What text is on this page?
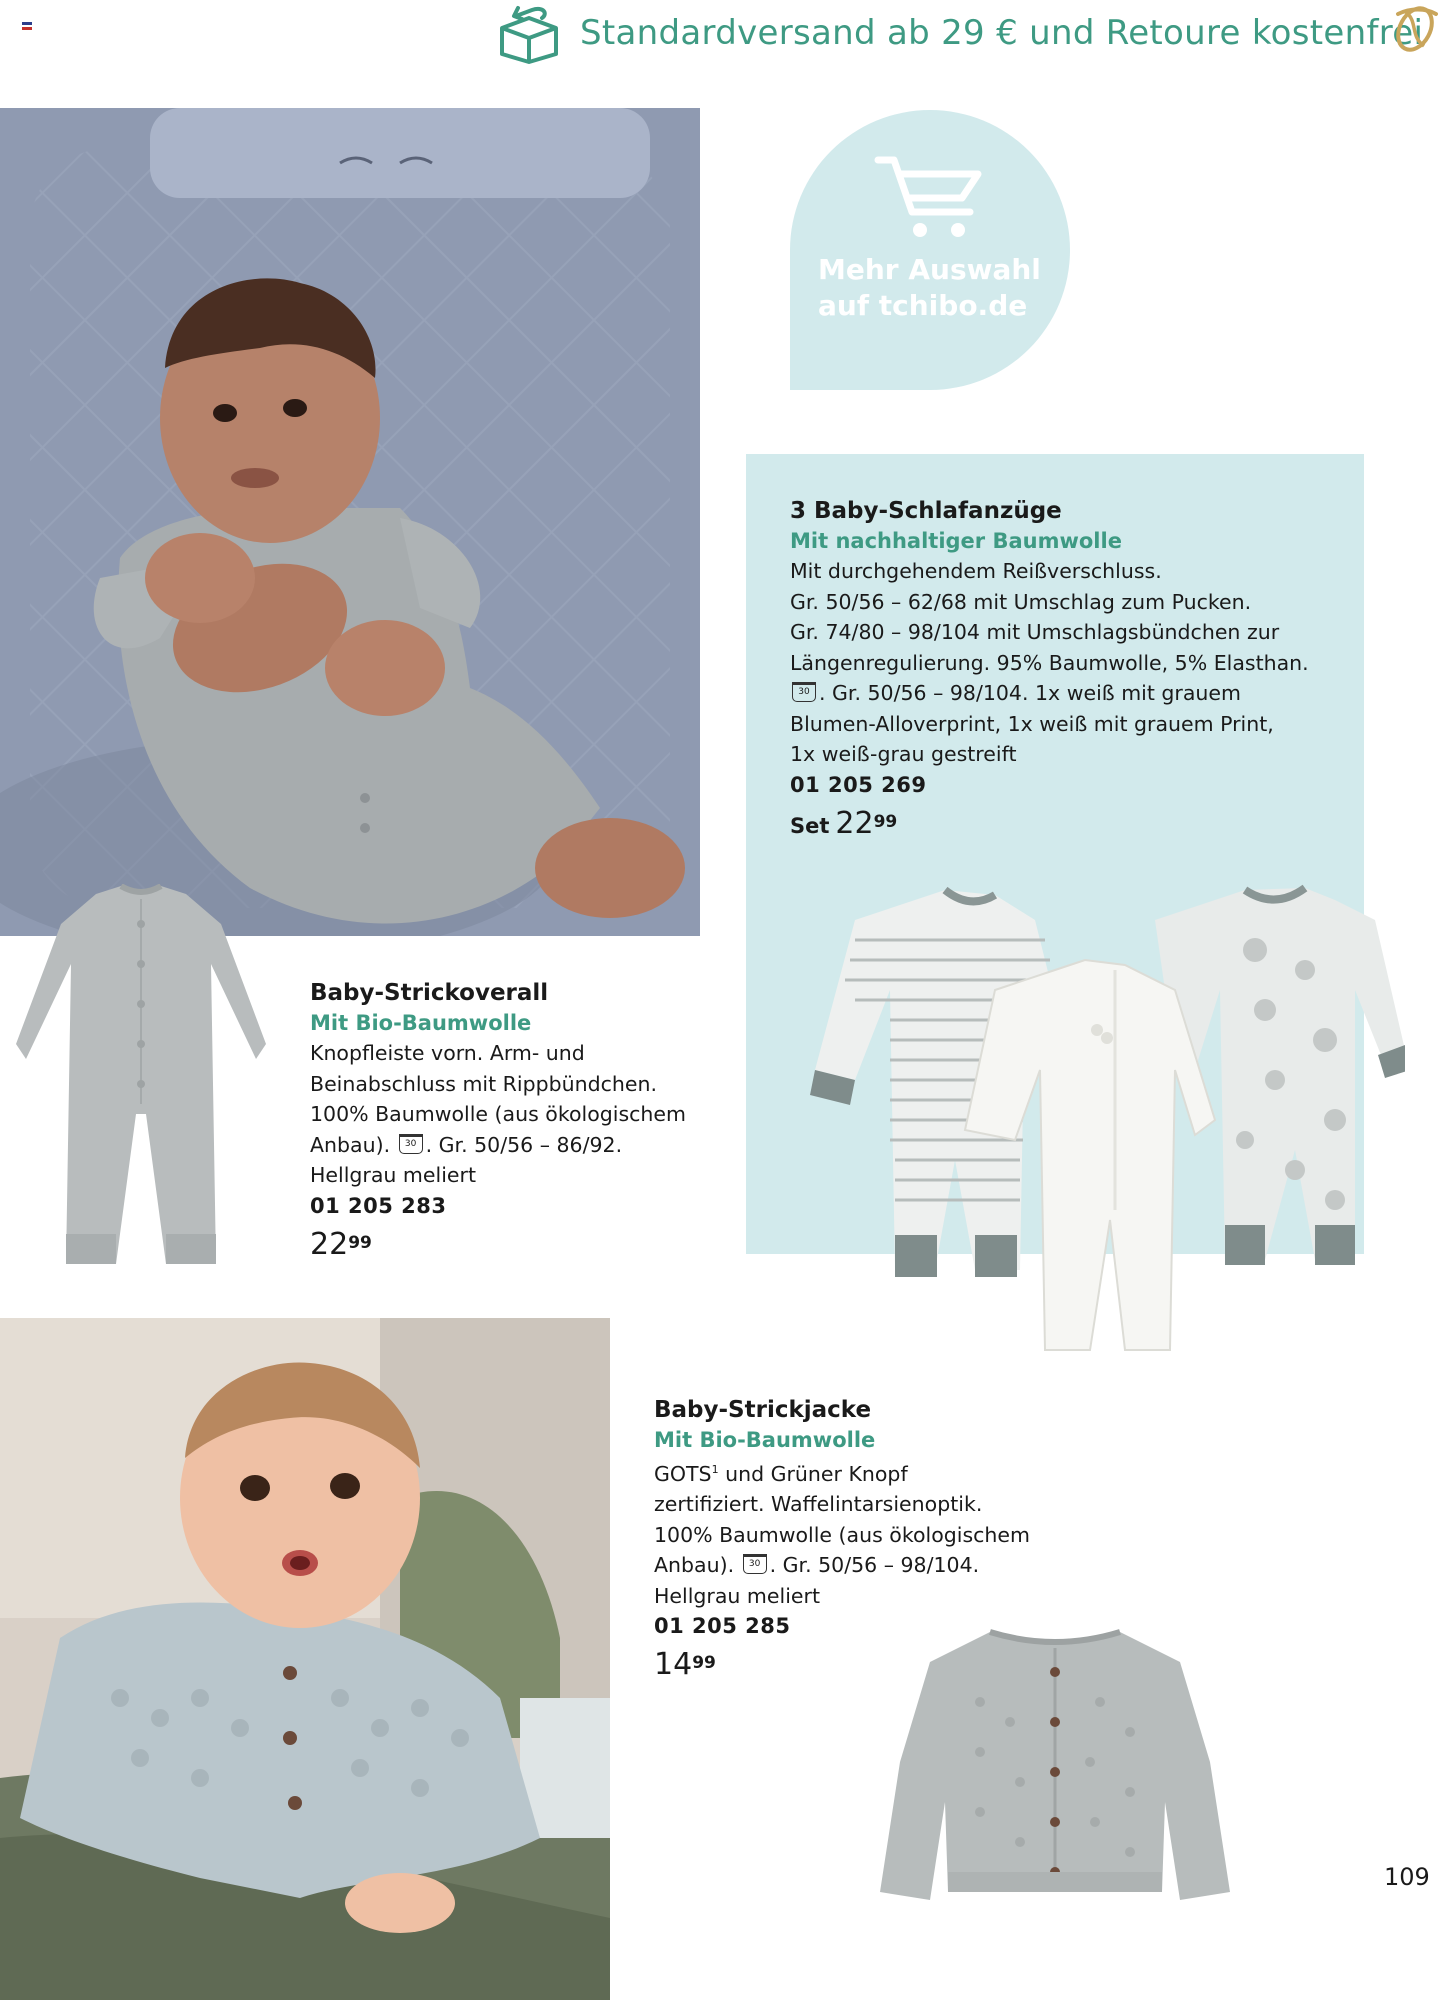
Standardversand ab 29 € und Retoure kostenfrei
Mehr Auswahl
auf tchibo.de
3 Baby-Schlafanzüge
Mit nachhaltiger Baumwolle
Mit durchgehendem Reißverschluss.
Gr. 50/56 – 62/68 mit Umschlag zum Pucken.
Gr. 74/80 – 98/104 mit Umschlagsbündchen zur
Längenregulierung. 95% Baumwolle, 5% Elasthan.
30 . Gr. 50/56 – 98/104. 1x weiß mit grauem
Blumen-Alloverprint, 1x weiß mit grauem Print,
1x weiß-grau gestreift
01 205 269
Set $22^{99}$
Baby-Strickoverall
Mit Bio-Baumwolle
Knopfleiste vorn. Arm- und
Beinabschluss mit Rippbündchen.
100% Baumwolle (aus ökologischem
Anbau). 30 . Gr. 50/56 – 86/92.
Hellgrau meliert
01 205 283
$22^{99}$
Baby-Strickjacke
Mit Bio-Baumwolle
GOTS$^1$ und Grüner Knopf
zertifiziert. Waffelintarsienoptik.
100% Baumwolle (aus ökologischem
Anbau). 30 . Gr. 50/56 – 98/104.
Hellgrau meliert
01 205 285
$14^{99}$
109
